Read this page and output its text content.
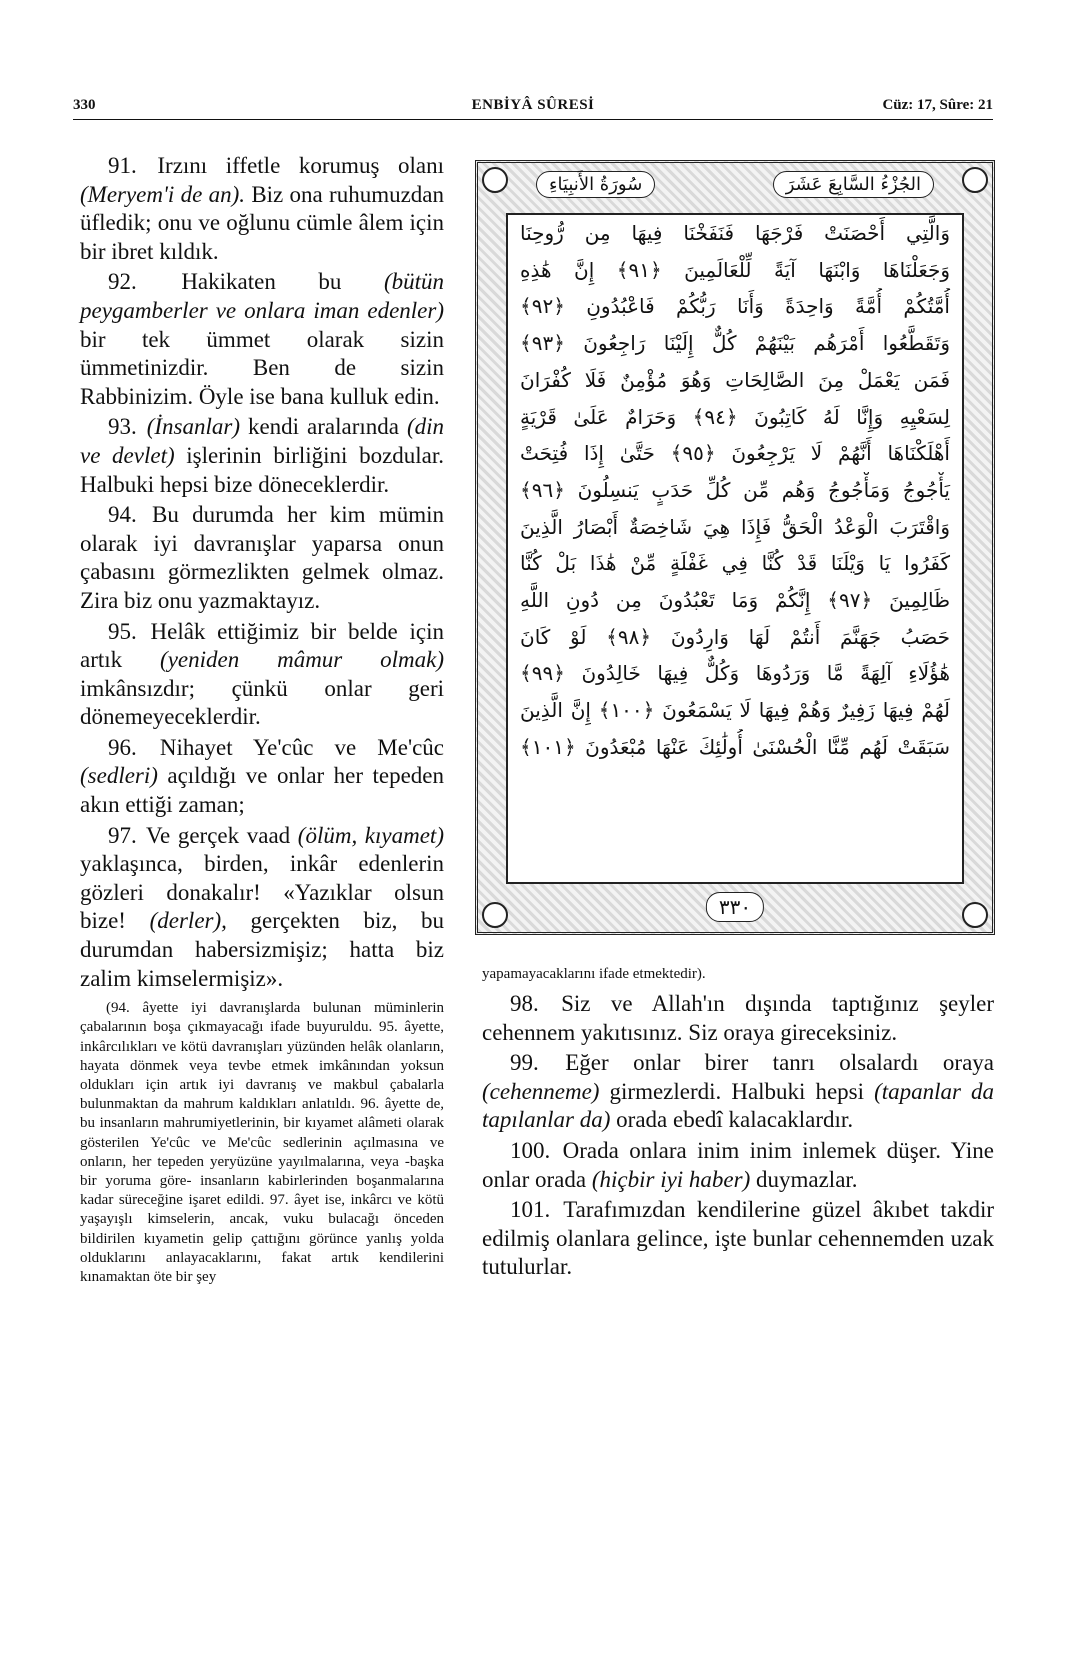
330	ENBİYÂ SÛRESİ	Cüz: 17, Sûre: 21

91. Irzını iffetle korumuş olanı (Meryem'i de an). Biz ona ruhumuzdan üfledik; onu ve oğlunu cümle âlem için bir ibret kıldık.

92. Hakikaten bu (bütün peygamberler ve onlara iman edenler) bir tek ümmet olarak sizin ümmetinizdir. Ben de sizin Rabbinizim. Öyle ise bana kulluk edin.

93. (İnsanlar) kendi aralarında (din ve devlet) işlerinin birliğini bozdular. Halbuki hepsi bize döneceklerdir.

94. Bu durumda her kim mümin olarak iyi davranışlar yaparsa onun çabasını görmezlikten gelmek olmaz. Zira biz onu yazmaktayız.

95. Helâk ettiğimiz bir belde için artık (yeniden mâmur olmak) imkânsızdır; çünkü onlar geri dönemeyeceklerdir.

96. Nihayet Ye'cûc ve Me'cûc (sedleri) açıldığı ve onlar her tepeden akın ettiği zaman;

97. Ve gerçek vaad (ölüm, kıyamet) yaklaşınca, birden, inkâr edenlerin gözleri donakalır! «Yazıklar olsun bize! (derler), gerçekten biz, bu durumdan habersizmişiz; hatta biz zalim kimselermişiz».

(94. âyette iyi davranışlarda bulunan müminlerin çabalarının boşa çıkmayacağı ifade buyuruldu. 95. âyette, inkârcılıkları ve kötü davranışları yüzünden helâk olanların, hayata dönmek veya tevbe etmek imkânından yoksun oldukları için artık iyi davranış ve makbul çabalarla bulunmaktan da mahrum kaldıkları anlatıldı. 96. âyette de, bu insanların mahrumiyetlerinin, bir kıyamet alâmeti olarak gösterilen Ye'cûc ve Me'cûc sedlerinin açılmasına ve onların, her tepeden yeryüzüne yayılmalarına, veya -başka bir yoruma göre- insanların kabirlerinden boşanmalarına kadar süreceğine işaret edildi. 97. âyet ise, inkârcı ve kötü yaşayışlı kimselerin, ancak, vuku bulacağı önceden bildirilen kıyametin gelip çattığını görünce yanlış yolda olduklarını anlayacaklarını, fakat artık kendilerini kınamaktan öte bir şey

سُورَةُ الأَنبِيَاءِ	الجُزْءُ السَّابِعَ عَشَرَ
وَالَّتِي أَحْصَنَتْ فَرْجَهَا فَنَفَخْنَا فِيهَا مِن رُّوحِنَا
وَجَعَلْنَاهَا وَابْنَهَا آيَةً لِّلْعَالَمِينَ ﴿٩١﴾ إِنَّ هَٰذِهِ
أُمَّتُكُمْ أُمَّةً وَاحِدَةً وَأَنَا رَبُّكُمْ فَاعْبُدُونِ ﴿٩٢﴾
وَتَقَطَّعُوا أَمْرَهُم بَيْنَهُمْ كُلٌّ إِلَيْنَا رَاجِعُونَ ﴿٩٣﴾
فَمَن يَعْمَلْ مِنَ الصَّالِحَاتِ وَهُوَ مُؤْمِنٌ فَلَا كُفْرَانَ
لِسَعْيِهِ وَإِنَّا لَهُ كَاتِبُونَ ﴿٩٤﴾ وَحَرَامٌ عَلَىٰ قَرْيَةٍ
أَهْلَكْنَاهَا أَنَّهُمْ لَا يَرْجِعُونَ ﴿٩٥﴾ حَتَّىٰ إِذَا فُتِحَتْ
يَأْجُوجُ وَمَأْجُوجُ وَهُم مِّن كُلِّ حَدَبٍ يَنسِلُونَ ﴿٩٦﴾
وَاقْتَرَبَ الْوَعْدُ الْحَقُّ فَإِذَا هِيَ شَاخِصَةٌ أَبْصَارُ الَّذِينَ
كَفَرُوا يَا وَيْلَنَا قَدْ كُنَّا فِي غَفْلَةٍ مِّنْ هَٰذَا بَلْ كُنَّا
ظَالِمِينَ ﴿٩٧﴾ إِنَّكُمْ وَمَا تَعْبُدُونَ مِن دُونِ اللَّهِ
حَصَبُ جَهَنَّمَ أَنتُمْ لَهَا وَارِدُونَ ﴿٩٨﴾ لَوْ كَانَ
هَٰؤُلَاءِ آلِهَةً مَّا وَرَدُوهَا وَكُلٌّ فِيهَا خَالِدُونَ ﴿٩٩﴾
لَهُمْ فِيهَا زَفِيرٌ وَهُمْ فِيهَا لَا يَسْمَعُونَ ﴿١٠٠﴾ إِنَّ الَّذِينَ
سَبَقَتْ لَهُم مِّنَّا الْحُسْنَىٰ أُولَٰئِكَ عَنْهَا مُبْعَدُونَ ﴿١٠١﴾
٣٣٠

yapamayacaklarını ifade etmektedir).

98. Siz ve Allah'ın dışında taptığınız şeyler cehennem yakıtısınız. Siz oraya gireceksiniz.

99. Eğer onlar birer tanrı olsalardı oraya (cehenneme) girmezlerdi. Halbuki hepsi (tapanlar da tapılanlar da) orada ebedî kalacaklardır.

100. Orada onlara inim inim inlemek düşer. Yine onlar orada (hiçbir iyi haber) duymazlar.

101. Tarafımızdan kendilerine güzel âkıbet takdir edilmiş olanlara gelince, işte bunlar cehennemden uzak tutulurlar.
